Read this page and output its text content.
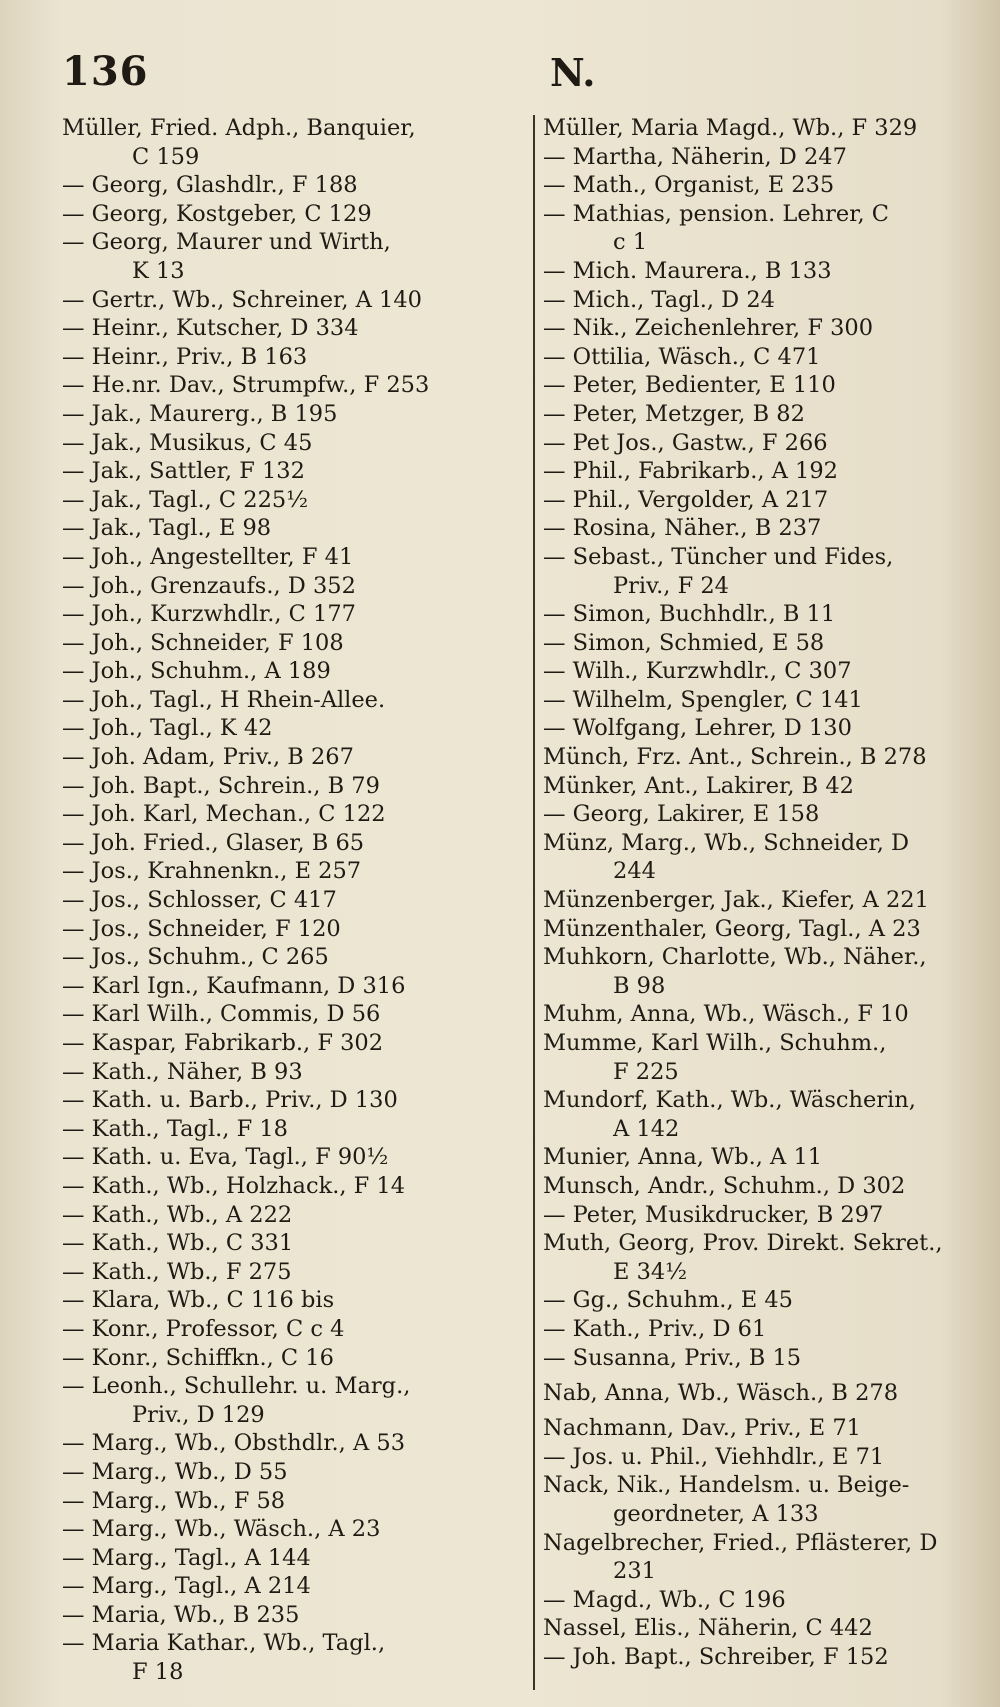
136	N.
Müller, Fried. Adph., Banquier,
C 159
— Georg, Glashdlr., F 188
— Georg, Kostgeber, C 129
— Georg, Maurer und Wirth,
K 13
— Gertr., Wb., Schreiner, A 140
— Heinr., Kutscher, D 334
— Heinr., Priv., B 163
— He.nr. Dav., Strumpfw., F 253
— Jak., Maurerg., B 195
— Jak., Musikus, C 45
— Jak., Sattler, F 132
— Jak., Tagl., C 225½
— Jak., Tagl., E 98
— Joh., Angestellter, F 41
— Joh., Grenzaufs., D 352
— Joh., Kurzwhdlr., C 177
— Joh., Schneider, F 108
— Joh., Schuhm., A 189
— Joh., Tagl., H Rhein-Allee.
— Joh., Tagl., K 42
— Joh. Adam, Priv., B 267
— Joh. Bapt., Schrein., B 79
— Joh. Karl, Mechan., C 122
— Joh. Fried., Glaser, B 65
— Jos., Krahnenkn., E 257
— Jos., Schlosser, C 417
— Jos., Schneider, F 120
— Jos., Schuhm., C 265
— Karl Ign., Kaufmann, D 316
— Karl Wilh., Commis, D 56
— Kaspar, Fabrikarb., F 302
— Kath., Näher, B 93
— Kath. u. Barb., Priv., D 130
— Kath., Tagl., F 18
— Kath. u. Eva, Tagl., F 90½
— Kath., Wb., Holzhack., F 14
— Kath., Wb., A 222
— Kath., Wb., C 331
— Kath., Wb., F 275
— Klara, Wb., C 116 bis
— Konr., Professor, C c 4
— Konr., Schiffkn., C 16
— Leonh., Schullehr. u. Marg.,
Priv., D 129
— Marg., Wb., Obsthdlr., A 53
— Marg., Wb., D 55
— Marg., Wb., F 58
— Marg., Wb., Wäsch., A 23
— Marg., Tagl., A 144
— Marg., Tagl., A 214
— Maria, Wb., B 235
— Maria Kathar., Wb., Tagl.,
F 18
Müller, Maria Magd., Wb., F 329
— Martha, Näherin, D 247
— Math., Organist, E 235
— Mathias, pension. Lehrer, C
c 1
— Mich. Maurera., B 133
— Mich., Tagl., D 24
— Nik., Zeichenlehrer, F 300
— Ottilia, Wäsch., C 471
— Peter, Bedienter, E 110
— Peter, Metzger, B 82
— Pet Jos., Gastw., F 266
— Phil., Fabrikarb., A 192
— Phil., Vergolder, A 217
— Rosina, Näher., B 237
— Sebast., Tüncher und Fides,
Priv., F 24
— Simon, Buchhdlr., B 11
— Simon, Schmied, E 58
— Wilh., Kurzwhdlr., C 307
— Wilhelm, Spengler, C 141
— Wolfgang, Lehrer, D 130
Münch, Frz. Ant., Schrein., B 278
Münker, Ant., Lakirer, B 42
— Georg, Lakirer, E 158
Münz, Marg., Wb., Schneider, D
244
Münzenberger, Jak., Kiefer, A 221
Münzenthaler, Georg, Tagl., A 23
Muhkorn, Charlotte, Wb., Näher.,
B 98
Muhm, Anna, Wb., Wäsch., F 10
Mumme, Karl Wilh., Schuhm.,
F 225
Mundorf, Kath., Wb., Wäscherin,
A 142
Munier, Anna, Wb., A 11
Munsch, Andr., Schuhm., D 302
— Peter, Musikdrucker, B 297
Muth, Georg, Prov. Direkt. Sekret.,
E 34½
— Gg., Schuhm., E 45
— Kath., Priv., D 61
— Susanna, Priv., B 15
Nab, Anna, Wb., Wäsch., B 278
Nachmann, Dav., Priv., E 71
— Jos. u. Phil., Viehhdlr., E 71
Nack, Nik., Handelsm. u. Beige-
geordneter, A 133
Nagelbrecher, Fried., Pflästerer, D
231
— Magd., Wb., C 196
Nassel, Elis., Näherin, C 442
— Joh. Bapt., Schreiber, F 152
